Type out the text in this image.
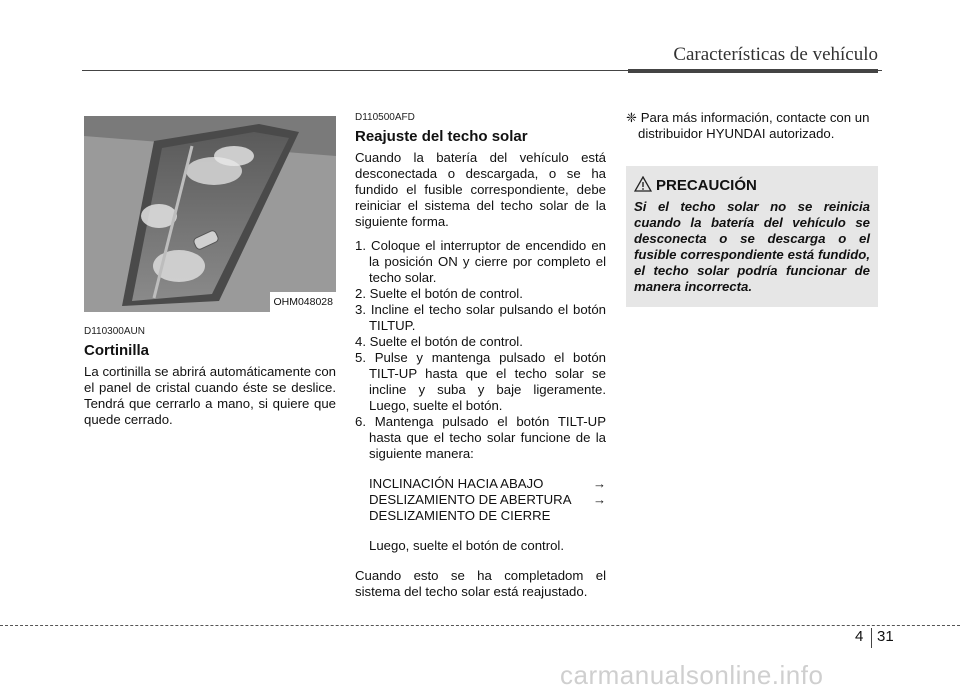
Características de vehículo
OHM048028
D110300AUN
Cortinilla

La cortinilla se abrirá automáticamente con el panel de cristal cuando éste se deslice. Tendrá que cerrarlo a mano, si quiere que quede cerrado.

D110500AFD
Reajuste del techo solar

Cuando la batería del vehículo está desconectada o descargada, o se ha fundido el fusible correspondiente, debe reiniciar el sistema del techo solar de la siguiente forma.

1. Coloque el interruptor de encendido en la posición ON y cierre por completo el techo solar.
2. Suelte el botón de control.
3. Incline el techo solar pulsando el botón TILTUP.
4. Suelte el botón de control.
5. Pulse y mantenga pulsado el botón TILT-UP hasta que el techo solar se incline y suba y baje ligeramente. Luego, suelte el botón.
6. Mantenga pulsado el botón TILT-UP hasta que el techo solar funcione de la siguiente manera:
INCLINACIÓN HACIA ABAJO	→
DESLIZAMIENTO DE ABERTURA →
DESLIZAMIENTO DE CIERRE
Luego, suelte el botón de control.

Cuando esto se ha completadom el sistema del techo solar está reajustado.

❈ Para más información, contacte con un distribuidor HYUNDAI autorizado.
PRECAUCIÓN
Si el techo solar no se reinicia cuando la batería del vehículo se desconecta o se descarga o el fusible correspondiente está fundido, el techo solar podría funcionar de manera incorrecta.
4 31
carmanualsonline.info
